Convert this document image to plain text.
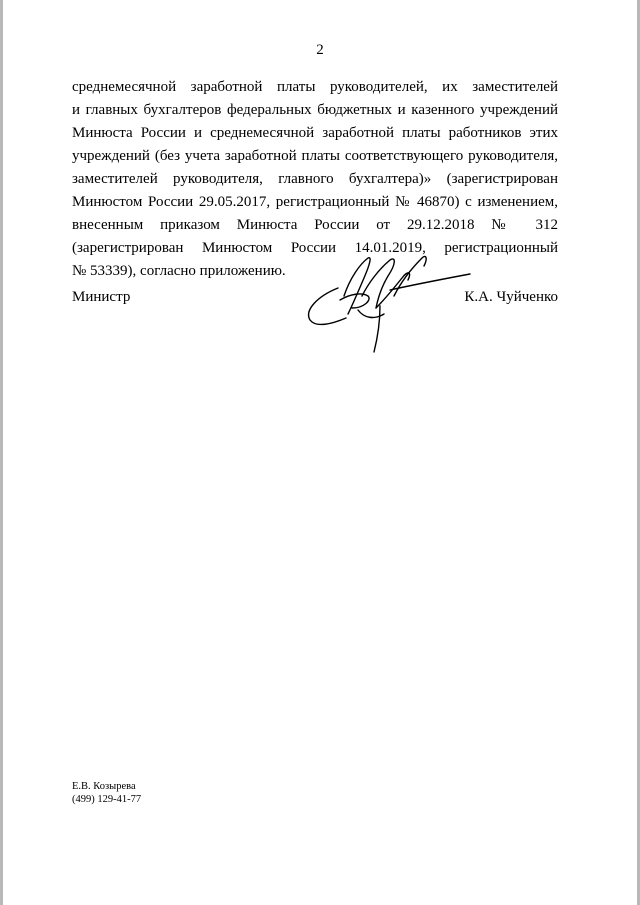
2
среднемесячной заработной платы руководителей, их заместителей
и главных бухгалтеров федеральных бюджетных и казенного учреждений
Минюста России и среднемесячной заработной платы работников этих
учреждений (без учета заработной платы соответствующего руководителя,
заместителей руководителя, главного бухгалтера)» (зарегистрирован
Минюстом России 29.05.2017, регистрационный № 46870) с изменением,
внесенным приказом Минюста России от 29.12.2018 № 312
(зарегистрирован Минюстом России 14.01.2019, регистрационный
№ 53339), согласно приложению.
Министр	К.А. Чуйченко
Е.В. Козырева
(499) 129-41-77
